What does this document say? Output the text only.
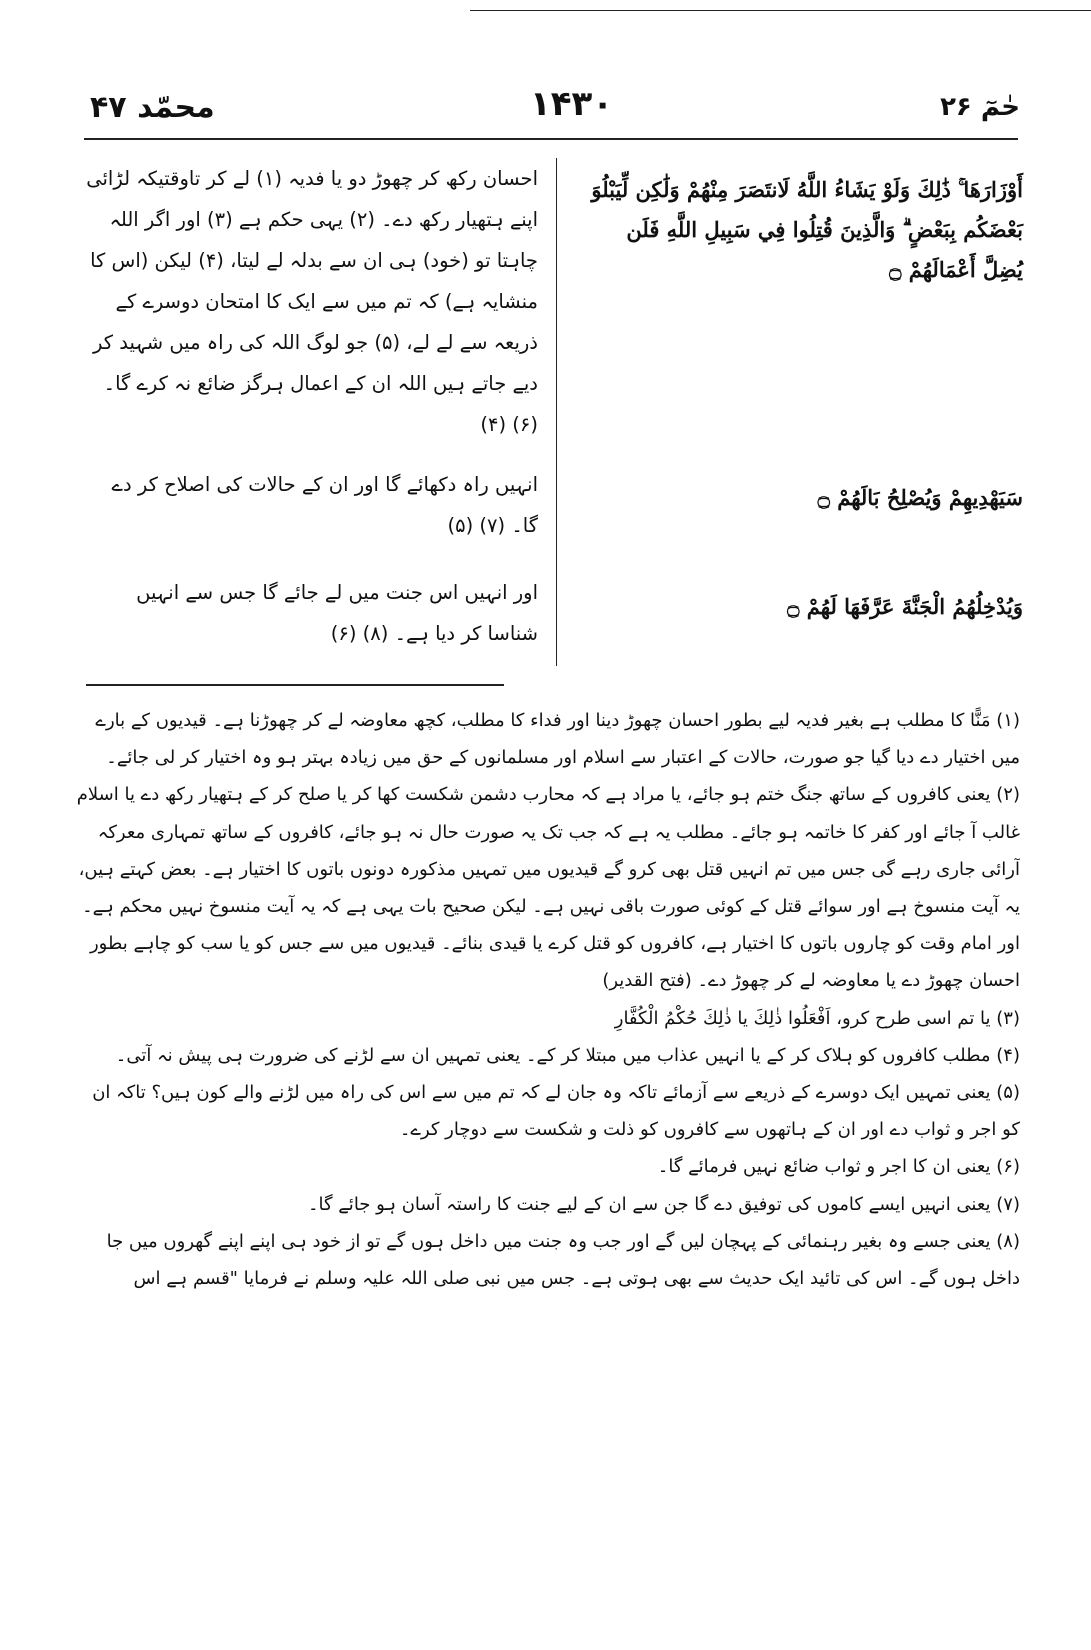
محمّد ۴۷	۱۴۳۰	حٰمٓ ۲۶
أَوْزَارَهَا ۚ ذَٰلِكَ وَلَوْ يَشَاءُ اللَّهُ لَانتَصَرَ مِنْهُمْ وَلَٰكِن لِّيَبْلُوَ بَعْضَكُم بِبَعْضٍ ۗ وَالَّذِينَ قُتِلُوا فِي سَبِيلِ اللَّهِ فَلَن يُضِلَّ أَعْمَالَهُمْ ۝
احسان رکھ کر چھوڑ دو یا فدیہ (۱) لے کر تاوقتیکہ لڑائی اپنے ہتھیار رکھ دے۔ (۲) یہی حکم ہے (۳) اور اگر اللہ چاہتا تو (خود) ہی ان سے بدلہ لے لیتا، (۴) لیکن (اس کا منشایہ ہے) کہ تم میں سے ایک کا امتحان دوسرے کے ذریعہ سے لے لے، (۵) جو لوگ اللہ کی راہ میں شہید کر دیے جاتے ہیں اللہ ان کے اعمال ہرگز ضائع نہ کرے گا۔ (۶) (۴)
سَيَهْدِيهِمْ وَيُصْلِحُ بَالَهُمْ ۝
انہیں راہ دکھائے گا اور ان کے حالات کی اصلاح کر دے گا۔ (۷) (۵)
وَيُدْخِلُهُمُ الْجَنَّةَ عَرَّفَهَا لَهُمْ ۝
اور انہیں اس جنت میں لے جائے گا جس سے انہیں شناسا کر دیا ہے۔ (۸) (۶)

(۱) مَنًّا کا مطلب ہے بغیر فدیہ لیے بطور احسان چھوڑ دینا اور فداء کا مطلب، کچھ معاوضہ لے کر چھوڑنا ہے۔ قیدیوں کے بارے میں اختیار دے دیا گیا جو صورت، حالات کے اعتبار سے اسلام اور مسلمانوں کے حق میں زیادہ بہتر ہو وہ اختیار کر لی جائے۔

(۲) یعنی کافروں کے ساتھ جنگ ختم ہو جائے، یا مراد ہے کہ محارب دشمن شکست کھا کر یا صلح کر کے ہتھیار رکھ دے یا اسلام غالب آ جائے اور کفر کا خاتمہ ہو جائے۔ مطلب یہ ہے کہ جب تک یہ صورت حال نہ ہو جائے، کافروں کے ساتھ تمہاری معرکہ آرائی جاری رہے گی جس میں تم انہیں قتل بھی کرو گے قیدیوں میں تمہیں مذکورہ دونوں باتوں کا اختیار ہے۔ بعض کہتے ہیں، یہ آیت منسوخ ہے اور سوائے قتل کے کوئی صورت باقی نہیں ہے۔ لیکن صحیح بات یہی ہے کہ یہ آیت منسوخ نہیں محکم ہے۔ اور امام وقت کو چاروں باتوں کا اختیار ہے، کافروں کو قتل کرے یا قیدی بنائے۔ قیدیوں میں سے جس کو یا سب کو چاہے بطور احسان چھوڑ دے یا معاوضہ لے کر چھوڑ دے۔ (فتح القدیر)

(۳) یا تم اسی طرح کرو، اَفْعَلُوا ذٰلِكَ یا ذٰلِكَ حُكْمُ الْكُفَّارِ

(۴) مطلب کافروں کو ہلاک کر کے یا انہیں عذاب میں مبتلا کر کے۔ یعنی تمہیں ان سے لڑنے کی ضرورت ہی پیش نہ آتی۔

(۵) یعنی تمہیں ایک دوسرے کے ذریعے سے آزمائے تاکہ وہ جان لے کہ تم میں سے اس کی راہ میں لڑنے والے کون ہیں؟ تاکہ ان کو اجر و ثواب دے اور ان کے ہاتھوں سے کافروں کو ذلت و شکست سے دوچار کرے۔

(۶) یعنی ان کا اجر و ثواب ضائع نہیں فرمائے گا۔

(۷) یعنی انہیں ایسے کاموں کی توفیق دے گا جن سے ان کے لیے جنت کا راستہ آسان ہو جائے گا۔

(۸) یعنی جسے وہ بغیر رہنمائی کے پہچان لیں گے اور جب وہ جنت میں داخل ہوں گے تو از خود ہی اپنے اپنے گھروں میں جا داخل ہوں گے۔ اس کی تائید ایک حدیث سے بھی ہوتی ہے۔ جس میں نبی صلی اللہ علیہ وسلم نے فرمایا "قسم ہے اس
